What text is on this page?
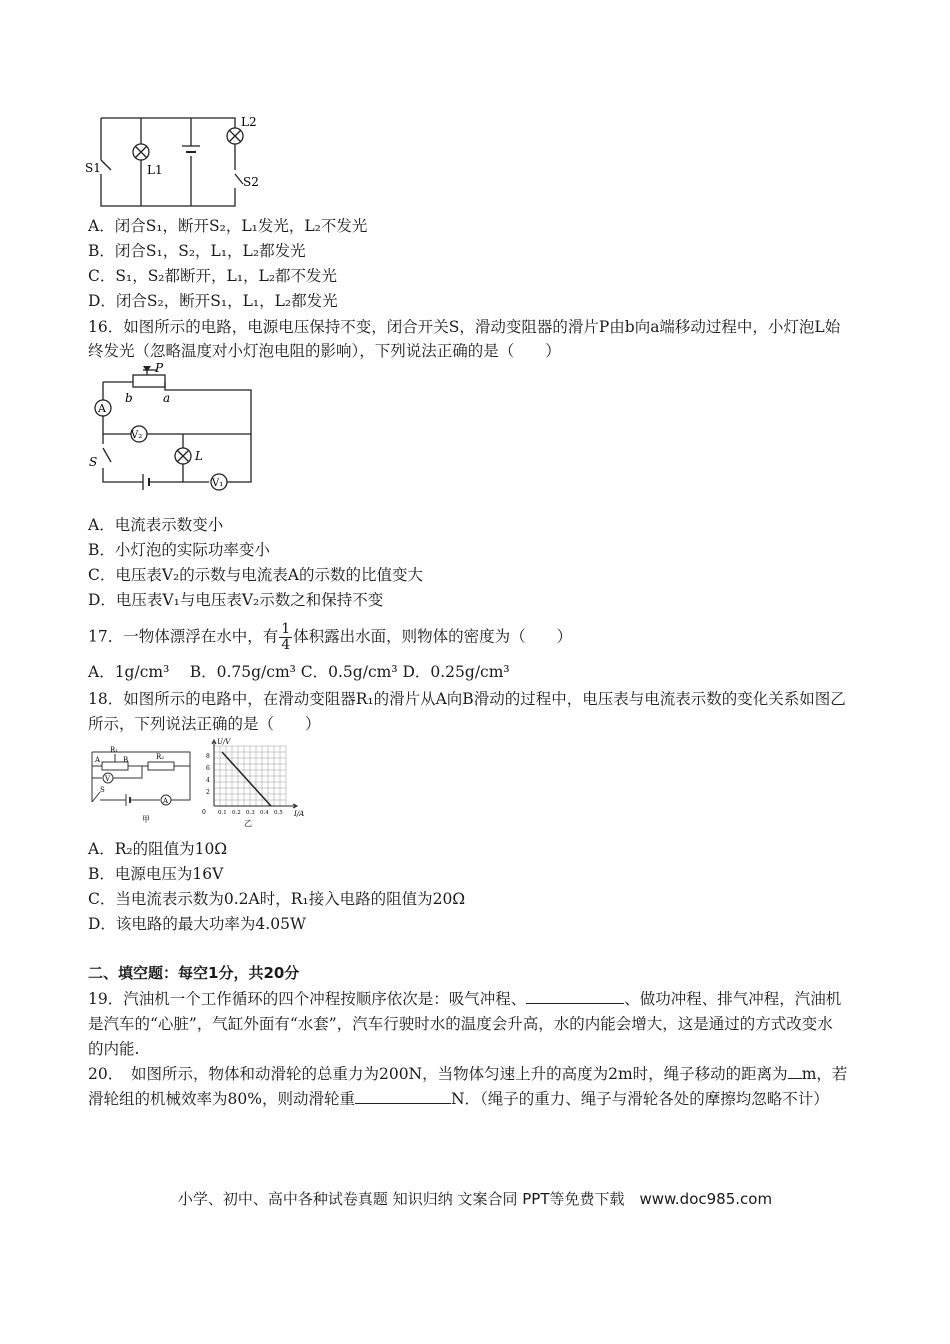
S1	L1
L2
S2
A．闭合S₁，断开S₂，L₁发光，L₂不发光
B．闭合S₁，S₂，L₁，L₂都发光
C．S₁，S₂都断开，L₁，L₂都不发光
D．闭合S₂，断开S₁，L₁，L₂都发光
16．如图所示的电路，电源电压保持不变，闭合开关S，滑动变阻器的滑片P由b向a端移动过程中，小灯泡L始终发光（忽略温度对小灯泡电阻的影响），下列说法正确的是（　　）
P
b	a
A
V₂
S	L
V₁
A．电流表示数变小
B．小灯泡的实际功率变小
C．电压表V₂的示数与电流表A的示数的比值变大
D．电压表V₁与电压表V₂示数之和保持不变
17．一物体漂浮在水中，有 $\frac{1}{4}$ 体积露出水面，则物体的密度为（　　）
A．1g/cm³　 B．0.75g/cm³ C．0.5g/cm³ D．0.25g/cm³
18．如图所示的电路中，在滑动变阻器R₁的滑片从A向B滑动的过程中，电压表与电流表示数的变化关系如图乙所示，下列说法正确的是（　　）
R₁
A	B	R₂
V
S
A
甲
U/V
I/A
8
6
4
2
0 0.1 0.2 0.3 0.4 0.5
乙
A．R₂的阻值为10Ω
B．电源电压为16V
C．当电流表示数为0.2A时，R₁接入电路的阻值为20Ω
D．该电路的最大功率为4.05W
二、填空题：每空1分，共20分
19．汽油机一个工作循环的四个冲程按顺序依次是：吸气冲程、	、做功冲程、排气冲程，汽油机是汽车的“心脏”，气缸外面有“水套”，汽车行驶时水的温度会升高，水的内能会增大，这是通过的方式改变水的内能.
20．　如图所示，物体和动滑轮的总重力为200N，当物体匀速上升的高度为2m时，绳子移动的距离为 m，若滑轮组的机械效率为80%，则动滑轮重	N．（绳子的重力、绳子与滑轮各处的摩擦均忽略不计）
小学、初中、高中各种试卷真题 知识归纳 文案合同 PPT等免费下载　www.doc985.com
